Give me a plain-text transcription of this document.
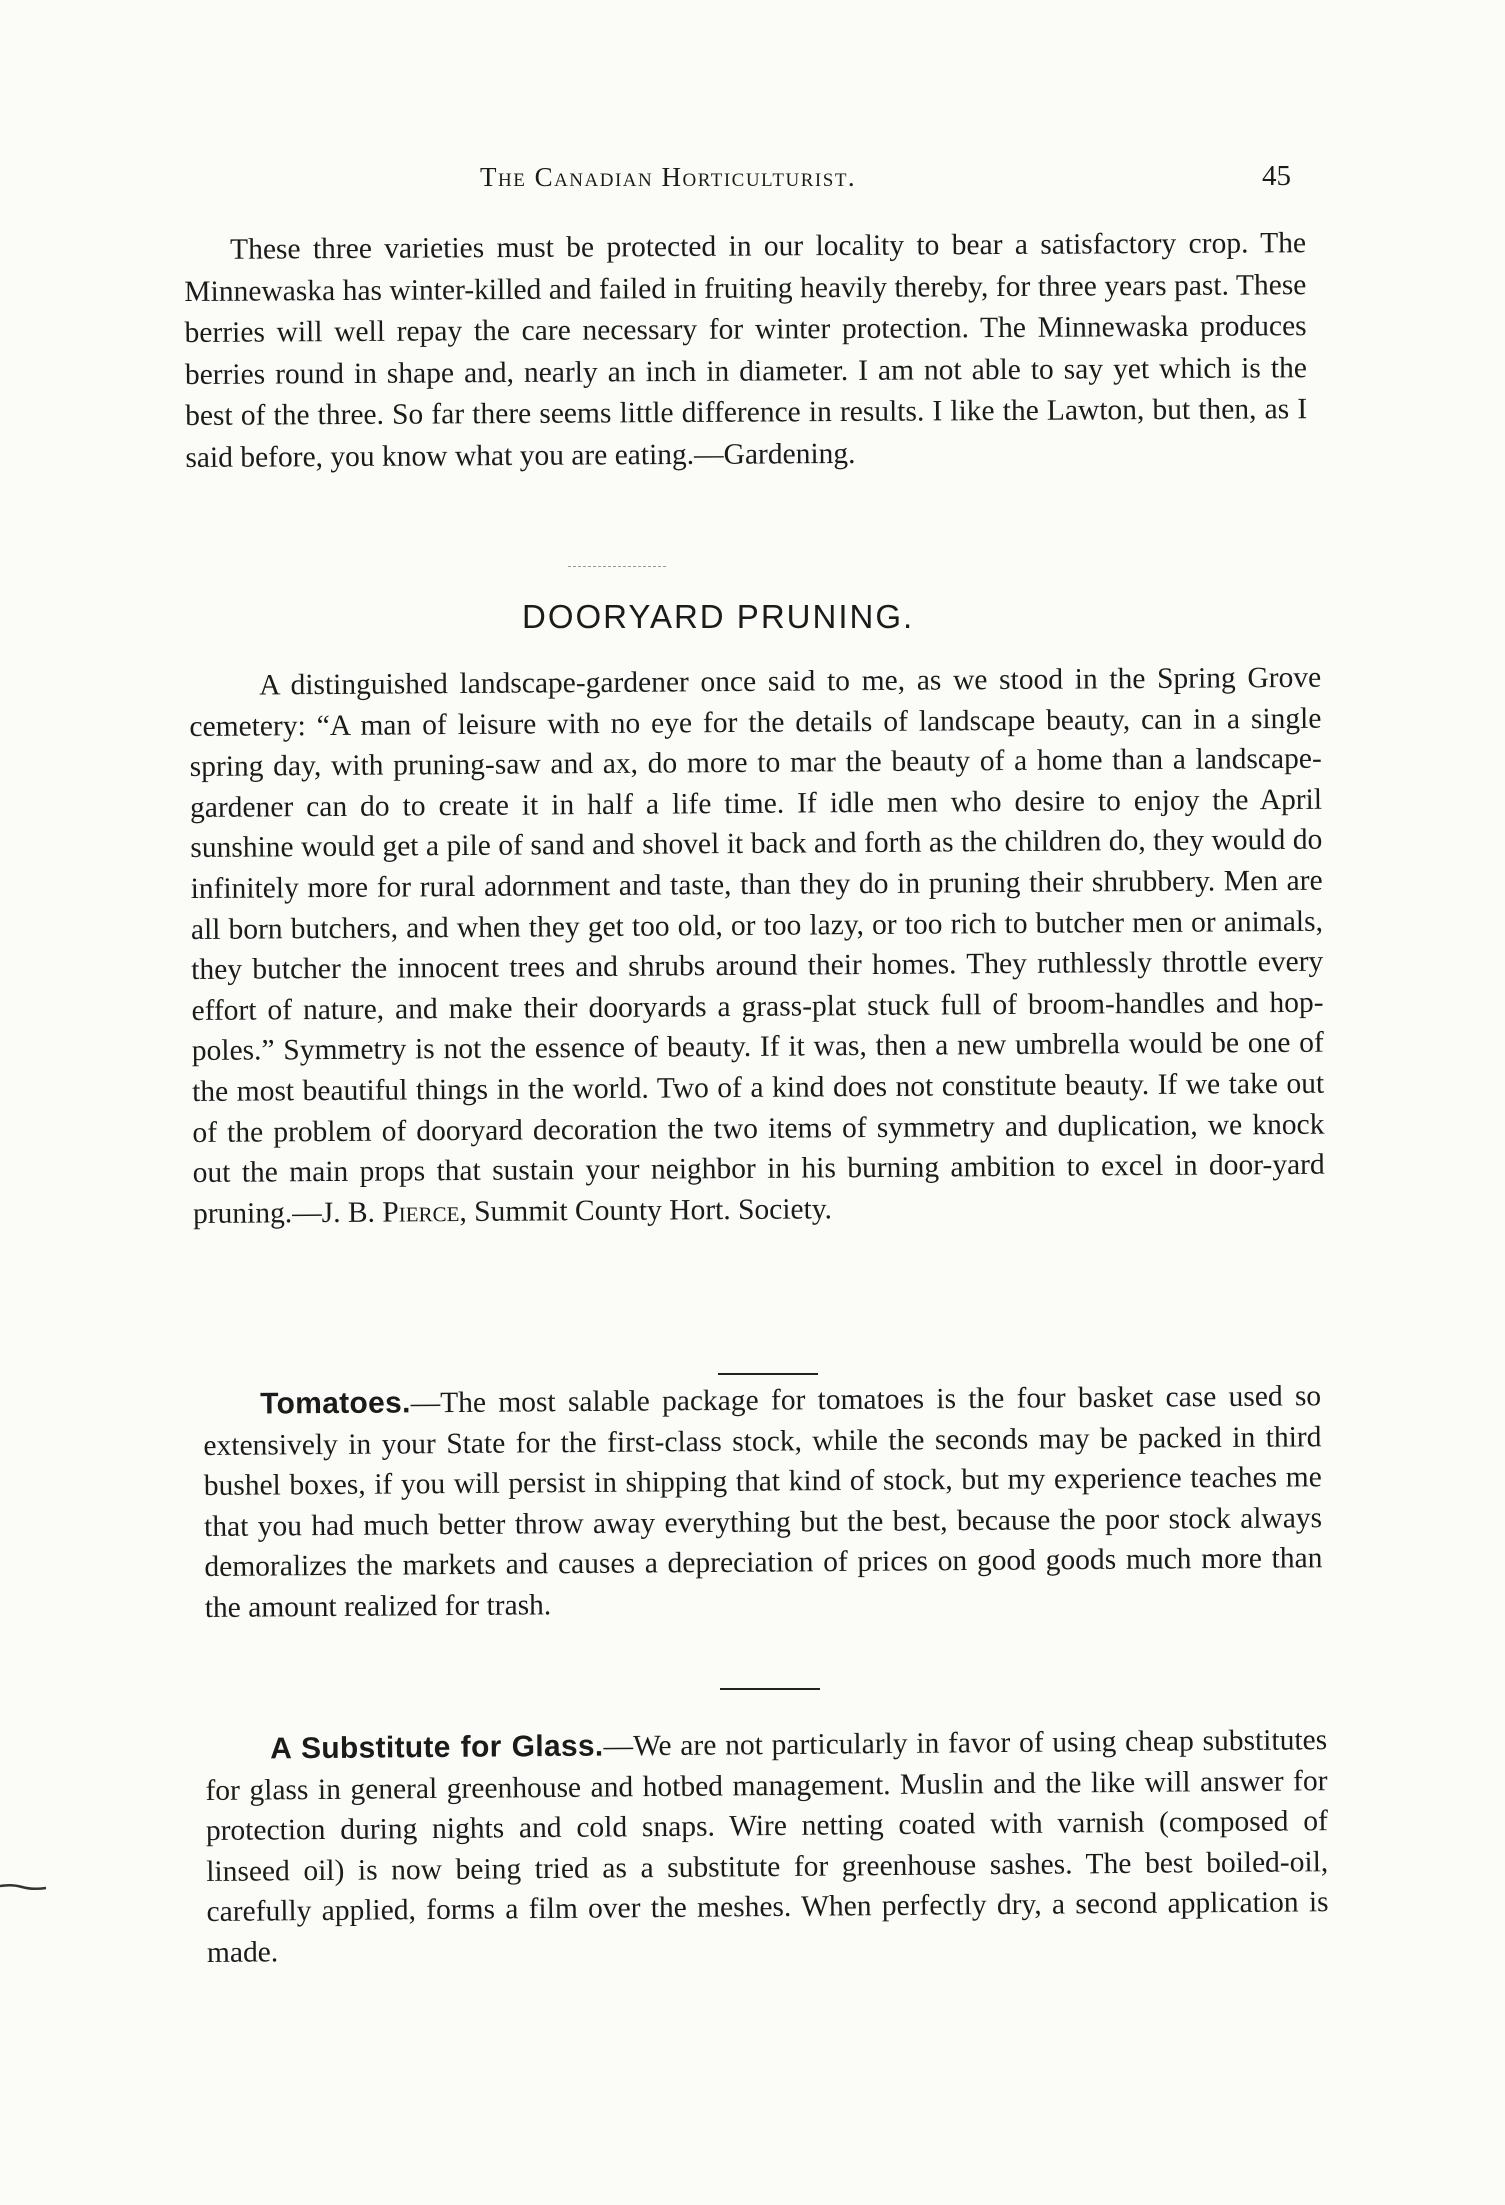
The Canadian Horticulturist.	45

These three varieties must be protected in our locality to bear a satisfactory crop. The Minnewaska has winter-killed and failed in fruiting heavily thereby, for three years past. These berries will well repay the care necessary for winter protection. The Minnewaska produces berries round in shape and, nearly an inch in diameter. I am not able to say yet which is the best of the three. So far there seems little difference in results. I like the Lawton, but then, as I said before, you know what you are eating.—Gardening.

DOORYARD PRUNING.

A distinguished landscape-gardener once said to me, as we stood in the Spring Grove cemetery: “A man of leisure with no eye for the details of landscape beauty, can in a single spring day, with pruning-saw and ax, do more to mar the beauty of a home than a landscape-gardener can do to create it in half a life time. If idle men who desire to enjoy the April sunshine would get a pile of sand and shovel it back and forth as the children do, they would do infinitely more for rural adornment and taste, than they do in pruning their shrubbery. Men are all born butchers, and when they get too old, or too lazy, or too rich to butcher men or animals, they butcher the innocent trees and shrubs around their homes. They ruthlessly throttle every effort of nature, and make their dooryards a grass-plat stuck full of broom-handles and hop-poles.” Symmetry is not the essence of beauty. If it was, then a new umbrella would be one of the most beautiful things in the world. Two of a kind does not constitute beauty. If we take out of the problem of dooryard decoration the two items of symmetry and duplication, we knock out the main props that sustain your neighbor in his burning ambition to excel in door-yard pruning.—J. B. Pierce, Summit County Hort. Society.

Tomatoes.—The most salable package for tomatoes is the four basket case used so extensively in your State for the first-class stock, while the seconds may be packed in third bushel boxes, if you will persist in shipping that kind of stock, but my experience teaches me that you had much better throw away everything but the best, because the poor stock always demoralizes the markets and causes a depreciation of prices on good goods much more than the amount realized for trash.

A Substitute for Glass.—We are not particularly in favor of using cheap substitutes for glass in general greenhouse and hotbed management. Muslin and the like will answer for protection during nights and cold snaps. Wire netting coated with varnish (composed of linseed oil) is now being tried as a substitute for greenhouse sashes. The best boiled-oil, carefully applied, forms a film over the meshes. When perfectly dry, a second application is made.
